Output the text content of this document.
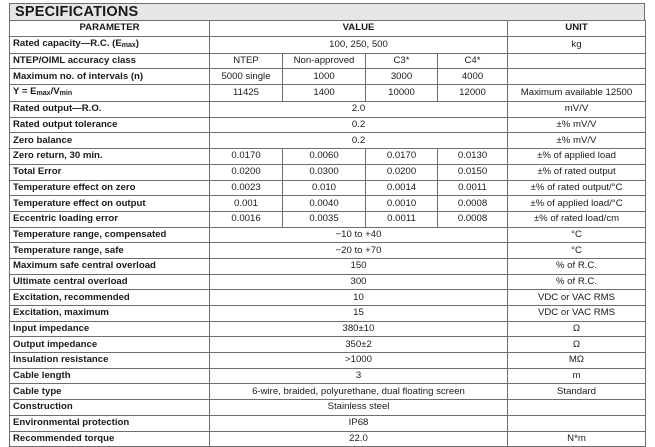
SPECIFICATIONS
PARAMETER	VALUE				UNIT
Rated capacity—R.C. $(E_{max})$	100, 250, 500				kg
NTEP/OIML accuracy class	NTEP	Non-approved	C3*	C4*	
Maximum no. of intervals (n)	5000 single	1000	3000	4000	
$Y = E_{max}/V_{min}$	11425	1400	10000	12000	Maximum available 12500
Rated output—R.O.	2.0				mV/V
Rated output tolerance	0.2				±% mV/V
Zero balance	0.2				±% mV/V
Zero return, 30 min.	0.0170	0.0060	0.0170	0.0130	±% of applied load
Total Error	0.0200	0.0300	0.0200	0.0150	±% of rated output
Temperature effect on zero	0.0023	0.010	0.0014	0.0011	±% of rated output/°C
Temperature effect on output	0.001	0.0040	0.0010	0.0008	±% of applied load/°C
Eccentric loading error	0.0016	0.0035	0.0011	0.0008	±% of rated load/cm
Temperature range, compensated	−10 to +40				°C
Temperature range, safe	−20 to +70				°C
Maximum safe central overload	150				% of R.C.
Ultimate central overload	300				% of R.C.
Excitation, recommended	10				VDC or VAC RMS
Excitation, maximum	15				VDC or VAC RMS
Input impedance	380±10				Ω
Output impedance	350±2				Ω
Insulation resistance	>1000				MΩ
Cable length	3				m
Cable type	6-wire, braided, polyurethane, dual floating screen				Standard
Construction	Stainless steel				
Environmental protection	IP68				
Recommended torque	22.0				N*m
